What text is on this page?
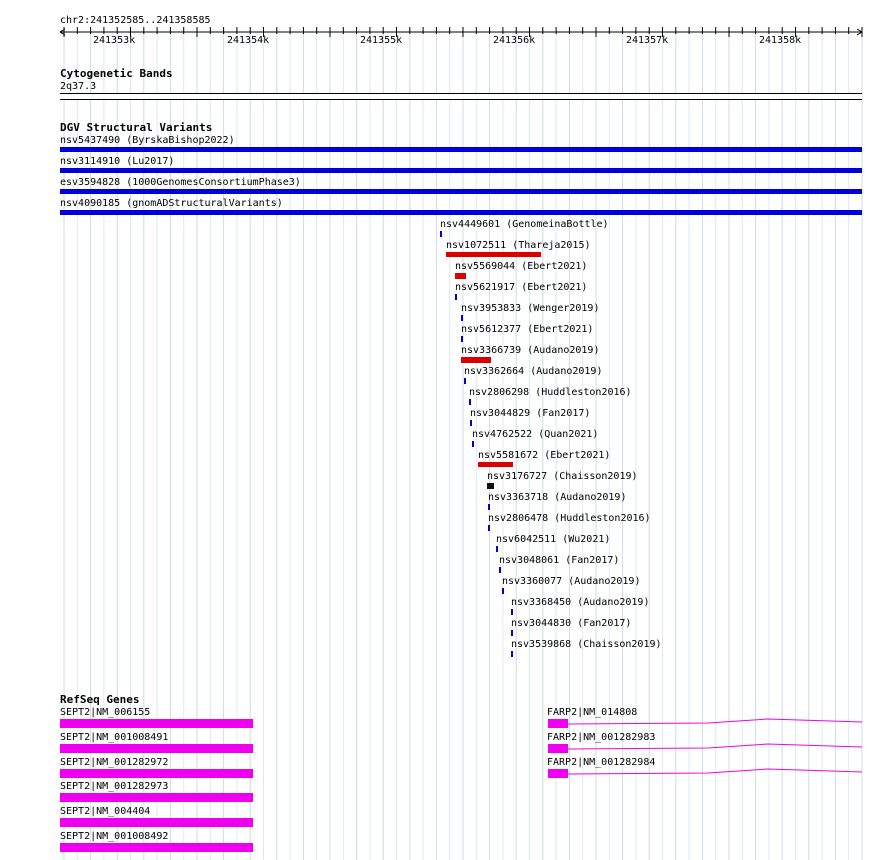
chr2:241352585..241358585
241353k	241354k	241355k	241356k	241357k	241358k
Cytogenetic Bands
2q37.3
DGV Structural Variants
nsv5437490 (ByrskaBishop2022)
nsv3114910 (Lu2017)
esv3594828 (1000GenomesConsortiumPhase3)
nsv4090185 (gnomADStructuralVariants)
nsv4449601 (GenomeinaBottle)
nsv1072511 (Thareja2015)
nsv5569044 (Ebert2021)
nsv5621917 (Ebert2021)
nsv3953833 (Wenger2019)
nsv5612377 (Ebert2021)
nsv3366739 (Audano2019)
nsv3362664 (Audano2019)
nsv2806298 (Huddleston2016)
nsv3044829 (Fan2017)
nsv4762522 (Quan2021)
nsv5581672 (Ebert2021)
nsv3176727 (Chaisson2019)
nsv3363718 (Audano2019)
nsv2806478 (Huddleston2016)
nsv6042511 (Wu2021)
nsv3048061 (Fan2017)
nsv3360077 (Audano2019)
nsv3368450 (Audano2019)
nsv3044830 (Fan2017)
nsv3539868 (Chaisson2019)
RefSeq Genes
SEPT2|NM_006155
SEPT2|NM_001008491
SEPT2|NM_001282972
SEPT2|NM_001282973
SEPT2|NM_004404
SEPT2|NM_001008492
FARP2|NM_014808
FARP2|NM_001282983
FARP2|NM_001282984
